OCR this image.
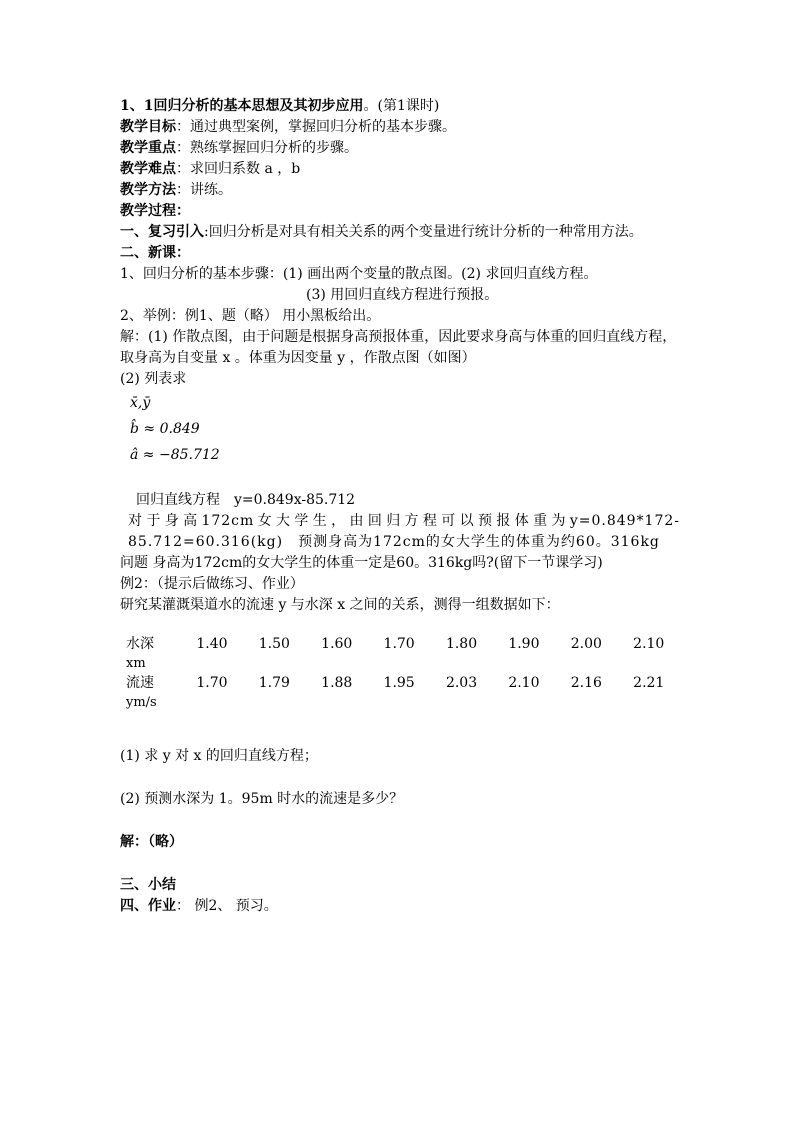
1、1回归分析的基本思想及其初步应用。(第1课时)

教学目标：通过典型案例，掌握回归分析的基本步骤。

教学重点：熟练掌握回归分析的步骤。

教学难点：求回归系数 a ，b

教学方法：讲练。

教学过程：

一、复习引入:回归分析是对具有相关关系的两个变量进行统计分析的一种常用方法。

二、新课：

1、回归分析的基本步骤：(1) 画出两个变量的散点图。(2) 求回归直线方程。

(3) 用回归直线方程进行预报。

2、举例：例1、题（略） 用小黑板给出。

解：(1) 作散点图，由于问题是根据身高预报体重，因此要求身高与体重的回归直线方程，取身高为自变量 x 。体重为因变量 y ，作散点图（如图）

(2) 列表求

x̄,ȳ

b̂ ≈ 0.849

â ≈ −85.712

回归直线方程　y=0.849x-85.712

对于身高172cm女大学生，由回归方程可以预报体重为y=0.849*172-85.712=60.316(kg)　预测身高为172cm的女大学生的体重为约60。316kg

问题 身高为172cm的女大学生的体重一定是60。316kg吗?(留下一节课学习)

例2：（提示后做练习、作业）

研究某灌溉渠道水的流速 y 与水深 x 之间的关系，测得一组数据如下：

水深
xm	1.40	1.50	1.60	1.70	1.80	1.90	2.00	2.10
流速
ym/s	1.70	1.79	1.88	1.95	2.03	2.10	2.16	2.21

(1) 求 y 对 x 的回归直线方程；

(2) 预测水深为 1。95m 时水的流速是多少？

解：（略）

三、小结

四、作业： 例2、 预习。
